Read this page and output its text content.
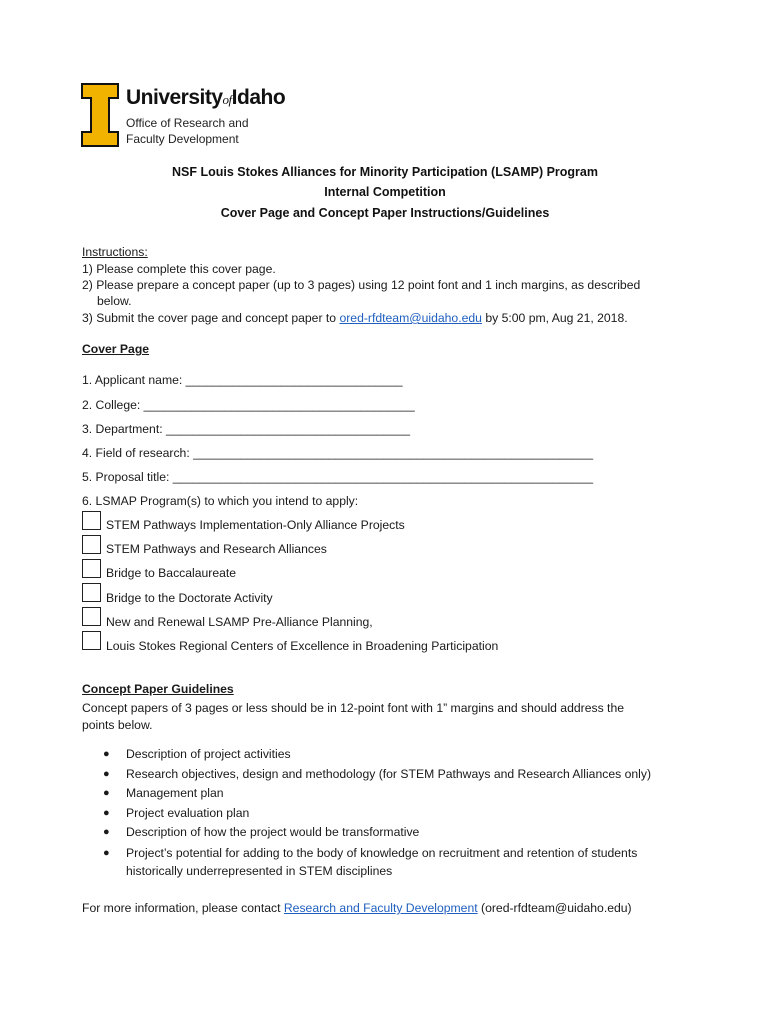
UniversityofIdaho
Office of Research and
Faculty Development
NSF Louis Stokes Alliances for Minority Participation (LSAMP) Program
Internal Competition
Cover Page and Concept Paper Instructions/Guidelines
Instructions:
1) Please complete this cover page.
2) Please prepare a concept paper (up to 3 pages) using 12 point font and 1 inch margins, as described
below.
3) Submit the cover page and concept paper to ored-rfdteam@uidaho.edu by 5:00 pm, Aug 21, 2018.
Cover Page
1. Applicant name: ________________________________
2. College: ________________________________________
3. Department: ____________________________________
4. Field of research: ___________________________________________________________
5. Proposal title: ______________________________________________________________
6. LSMAP Program(s) to which you intend to apply:
STEM Pathways Implementation-Only Alliance Projects
STEM Pathways and Research Alliances
Bridge to Baccalaureate
Bridge to the Doctorate Activity
New and Renewal LSAMP Pre-Alliance Planning,
Louis Stokes Regional Centers of Excellence in Broadening Participation
Concept Paper Guidelines
Concept papers of 3 pages or less should be in 12-point font with 1” margins and should address the
points below.
● Description of project activities
● Research objectives, design and methodology (for STEM Pathways and Research Alliances only)
● Management plan
● Project evaluation plan
● Description of how the project would be transformative
● Project’s potential for adding to the body of knowledge on recruitment and retention of students
historically underrepresented in STEM disciplines
For more information, please contact Research and Faculty Development (ored-rfdteam@uidaho.edu)
